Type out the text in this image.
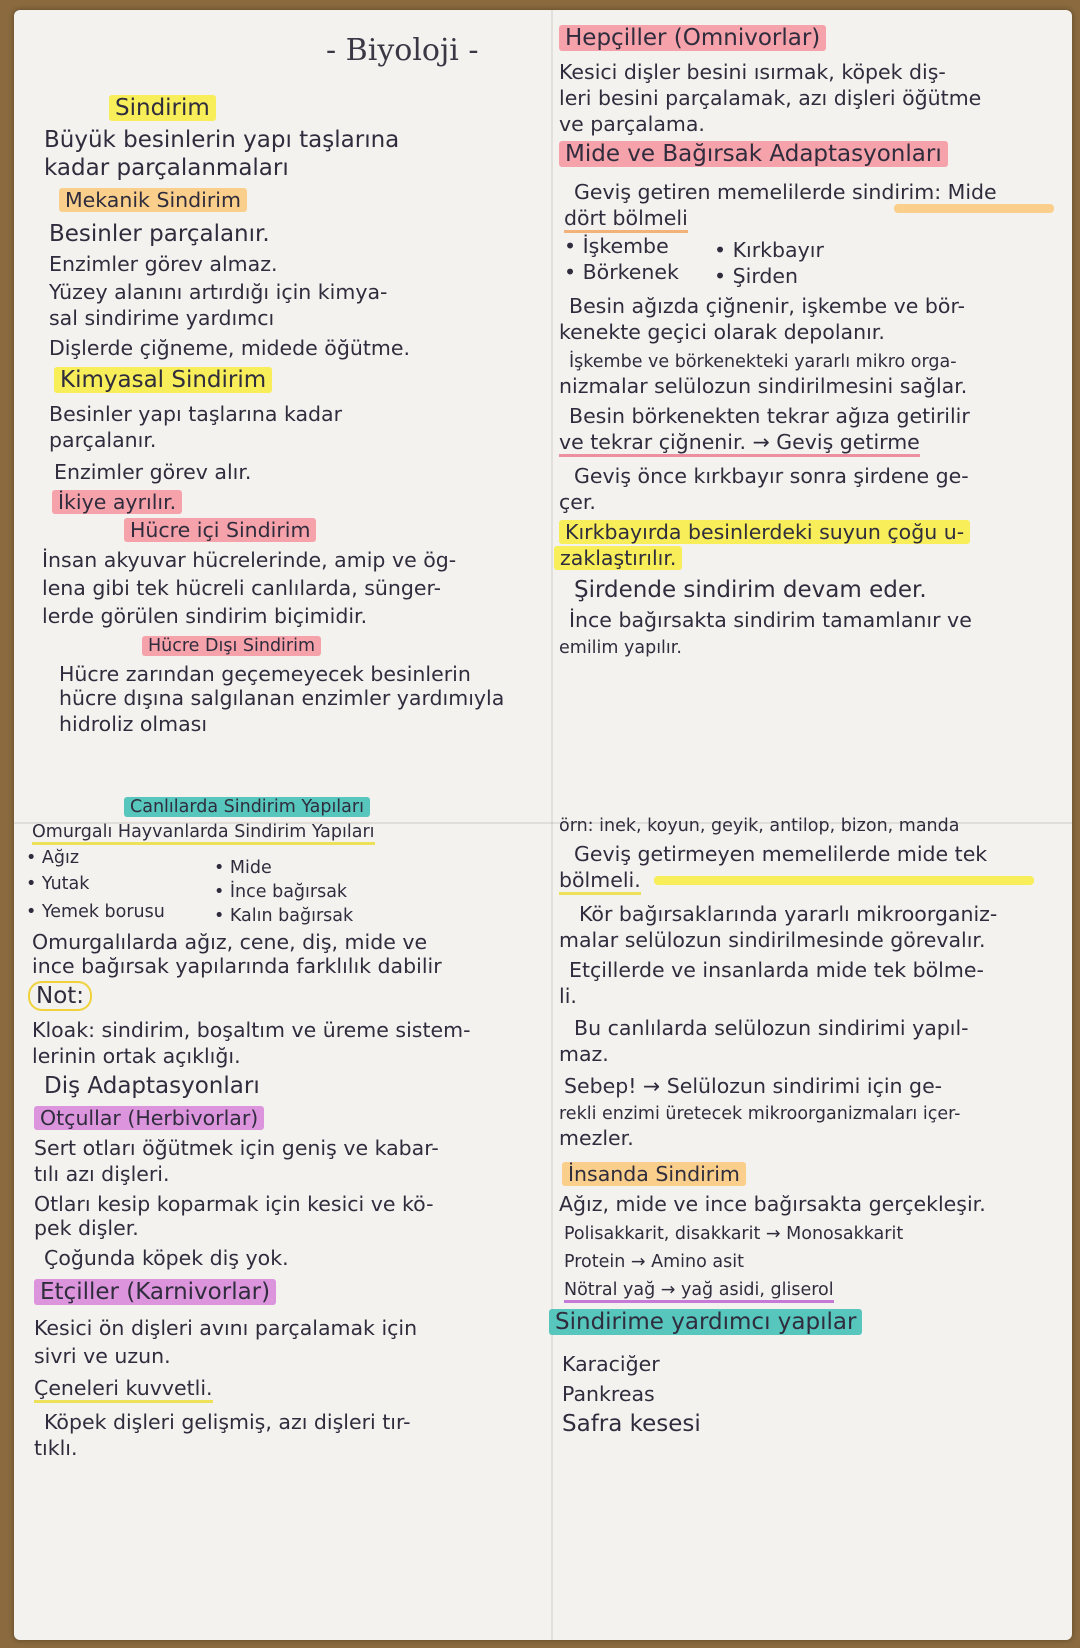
- Biyoloji -
Sindirim
Büyük besinlerin yapı taşlarına
kadar parçalanmaları
Mekanik Sindirim
Besinler parçalanır.
Enzimler görev almaz.
Yüzey alanını artırdığı için kimya-
sal sindirime yardımcı
Dişlerde çiğneme, midede öğütme.
Kimyasal Sindirim
Besinler yapı taşlarına kadar
parçalanır.
Enzimler görev alır.
İkiye ayrılır.
Hücre içi Sindirim
İnsan akyuvar hücrelerinde, amip ve ög-
lena gibi tek hücreli canlılarda, sünger-
lerde görülen sindirim biçimidir.
Hücre Dışı Sindirim
Hücre zarından geçemeyecek besinlerin
hücre dışına salgılanan enzimler yardımıyla
hidroliz olması
Canlılarda Sindirim Yapıları
Omurgalı Hayvanlarda Sindirim Yapıları
• Ağız	• Mide
• Yutak	• İnce bağırsak
• Yemek borusu	• Kalın bağırsak
Omurgalılarda ağız, cene, diş, mide ve
ince bağırsak yapılarında farklılık dabilir
Not:
Kloak: sindirim, boşaltım ve üreme sistem-
lerinin ortak açıklığı.
Diş Adaptasyonları
Otçullar (Herbivorlar)
Sert otları öğütmek için geniş ve kabar-
tılı azı dişleri.
Otları kesip koparmak için kesici ve kö-
pek dişler.
Çoğunda köpek diş yok.
Etçiller (Karnivorlar)
Kesici ön dişleri avını parçalamak için
sivri ve uzun.
Çeneleri kuvvetli.
Köpek dişleri gelişmiş, azı dişleri tır-
tıklı.
Hepçiller (Omnivorlar)
Kesici dişler besini ısırmak, köpek diş-
leri besini parçalamak, azı dişleri öğütme
ve parçalama.
Mide ve Bağırsak Adaptasyonları
Geviş getiren memelilerde sindirim: Mide
dört bölmeli
• İşkembe • Kırkbayır
• Börkenek • Şirden
Besin ağızda çiğnenir, işkembe ve bör-
kenekte geçici olarak depolanır.
İşkembe ve börkenekteki yararlı mikro orga-
nizmalar selülozun sindirilmesini sağlar.
Besin börkenekten tekrar ağıza getirilir
ve tekrar çiğnenir. → Geviş getirme
Geviş önce kırkbayır sonra şirdene ge-
çer.
Kırkbayırda besinlerdeki suyun çoğu u-
zaklaştırılır.
Şirdende sindirim devam eder.
İnce bağırsakta sindirim tamamlanır ve
emilim yapılır.
örn: inek, koyun, geyik, antilop, bizon, manda
Geviş getirmeyen memelilerde mide tek
bölmeli.
Kör bağırsaklarında yararlı mikroorganiz-
malar selülozun sindirilmesinde görevalır.
Etçillerde ve insanlarda mide tek bölme-
li.
Bu canlılarda selülozun sindirimi yapıl-
maz.
Sebep! → Selülozun sindirimi için ge-
rekli enzimi üretecek mikroorganizmaları içer-
mezler.
İnsanda Sindirim
Ağız, mide ve ince bağırsakta gerçekleşir.
Polisakkarit, disakkarit → Monosakkarit
Protein → Amino asit
Nötral yağ → yağ asidi, gliserol
Sindirime yardımcı yapılar
Karaciğer
Pankreas
Safra kesesi
